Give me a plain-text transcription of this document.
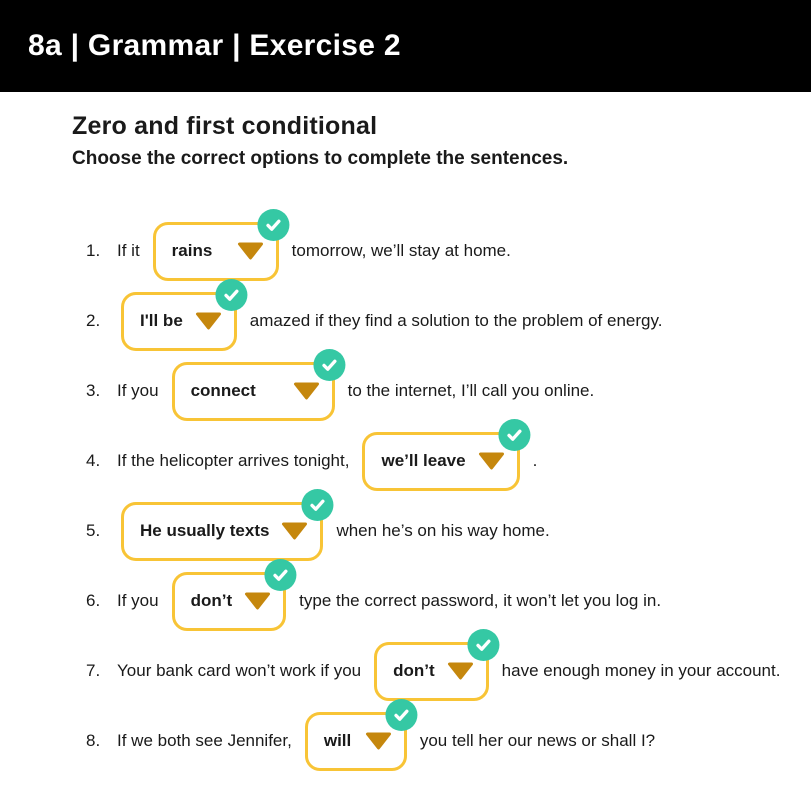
8a | Grammar | Exercise 2
Zero and first conditional

Choose the correct options to complete the sentences.

1. If it rains	tomorrow, we’ll stay at home.
2.	I'll be	amazed if they find a solution to the problem of energy.
3. If you connect	to the internet, I’ll call you online.
4. If the helicopter arrives tonight, we’ll leave	.
5.	He usually texts	when he’s on his way home.
6. If you don’t	type the correct password, it won’t let you log in.
7. Your bank card won’t work if you don’t	have enough money in your account.
8. If we both see Jennifer, will	you tell her our news or shall I?
